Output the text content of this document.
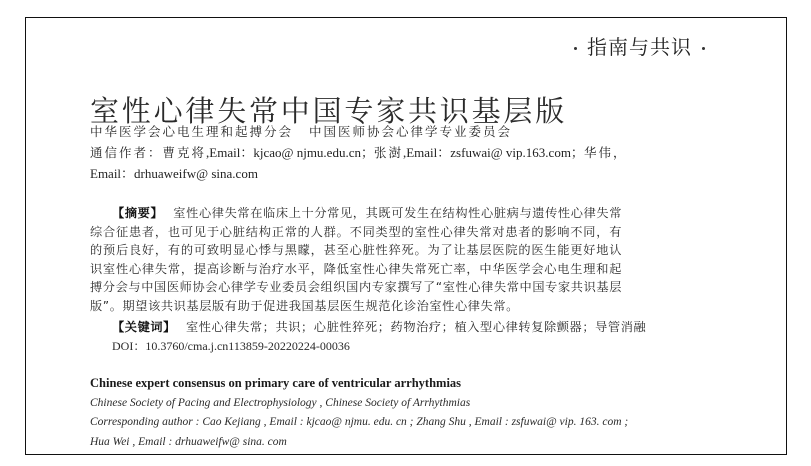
指南与共识
室性心律失常中国专家共识基层版
中华医学会心电生理和起搏分会 中国医师协会心律学专业委员会
通信作者：曹克将,Email：kjcao@ njmu.edu.cn；张澍,Email：zsfuwai@ vip.163.com；华伟，
Email：drhuaweifw@ sina.com
【摘要】 室性心律失常在临床上十分常见，其既可发生在结构性心脏病与遗传性心律失常综合征患者，也可见于心脏结构正常的人群。不同类型的室性心律失常对患者的影响不同，有的预后良好，有的可致明显心悸与黑矇，甚至心脏性猝死。为了让基层医院的医生能更好地认识室性心律失常，提高诊断与治疗水平，降低室性心律失常死亡率，中华医学会心电生理和起搏分会与中国医师协会心律学专业委员会组织国内专家撰写了“室性心律失常中国专家共识基层版”。期望该共识基层版有助于促进我国基层医生规范化诊治室性心律失常。
【关键词】 室性心律失常；共识；心脏性猝死；药物治疗；植入型心律转复除颤器；导管消融
DOI：10.3760/cma.j.cn113859-20220224-00036
Chinese expert consensus on primary care of ventricular arrhythmias
Chinese Society of Pacing and Electrophysiology , Chinese Society of Arrhythmias
Corresponding author : Cao Kejiang , Email : kjcao@ njmu. edu. cn ; Zhang Shu , Email : zsfuwai@ vip. 163. com ;
Hua Wei , Email : drhuaweifw@ sina. com
